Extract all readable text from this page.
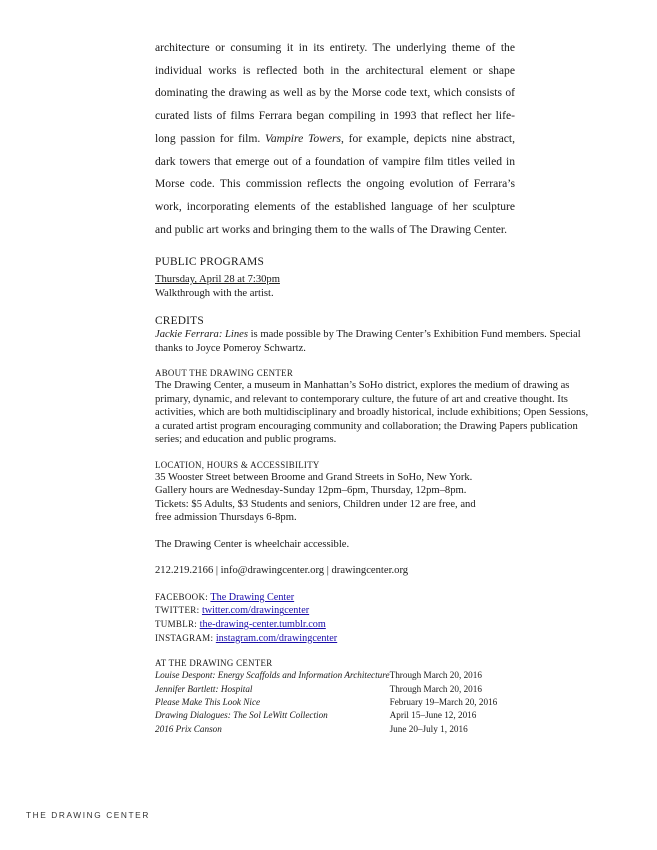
architecture or consuming it in its entirety. The underlying theme of the individual works is reflected both in the architectural element or shape dominating the drawing as well as by the Morse code text, which consists of curated lists of films Ferrara began compiling in 1993 that reflect her life-long passion for film. Vampire Towers, for example, depicts nine abstract, dark towers that emerge out of a foundation of vampire film titles veiled in Morse code. This commission reflects the ongoing evolution of Ferrara’s work, incorporating elements of the established language of her sculpture and public art works and bringing them to the walls of The Drawing Center.

PUBLIC PROGRAMS

Thursday, April 28 at 7:30pm

Walkthrough with the artist.

CREDITS

Jackie Ferrara: Lines is made possible by The Drawing Center’s Exhibition Fund members. Special thanks to Joyce Pomeroy Schwartz.

ABOUT THE DRAWING CENTER

The Drawing Center, a museum in Manhattan’s SoHo district, explores the medium of drawing as primary, dynamic, and relevant to contemporary culture, the future of art and creative thought. Its activities, which are both multidisciplinary and broadly historical, include exhibitions; Open Sessions, a curated artist program encouraging community and collaboration; the Drawing Papers publication series; and education and public programs.

LOCATION, HOURS & ACCESSIBILITY

35 Wooster Street between Broome and Grand Streets in SoHo, New York.

Gallery hours are Wednesday-Sunday 12pm–6pm, Thursday, 12pm–8pm.

Tickets: $5 Adults, $3 Students and seniors, Children under 12 are free, and

free admission Thursdays 6-8pm.

The Drawing Center is wheelchair accessible.

212.219.2166 | info@drawingcenter.org | drawingcenter.org

FACEBOOK: The Drawing Center

TWITTER: twitter.com/drawingcenter

TUMBLR: the-drawing-center.tumblr.com

INSTAGRAM: instagram.com/drawingcenter

AT THE DRAWING CENTER

Louise Despont: Energy Scaffolds and Information Architecture	Through March 20, 2016
Jennifer Bartlett: Hospital	Through March 20, 2016
Please Make This Look Nice	February 19–March 20, 2016
Drawing Dialogues: The Sol LeWitt Collection	April 15–June 12, 2016
2016 Prix Canson	June 20–July 1, 2016
THE DRAWING CENTER
